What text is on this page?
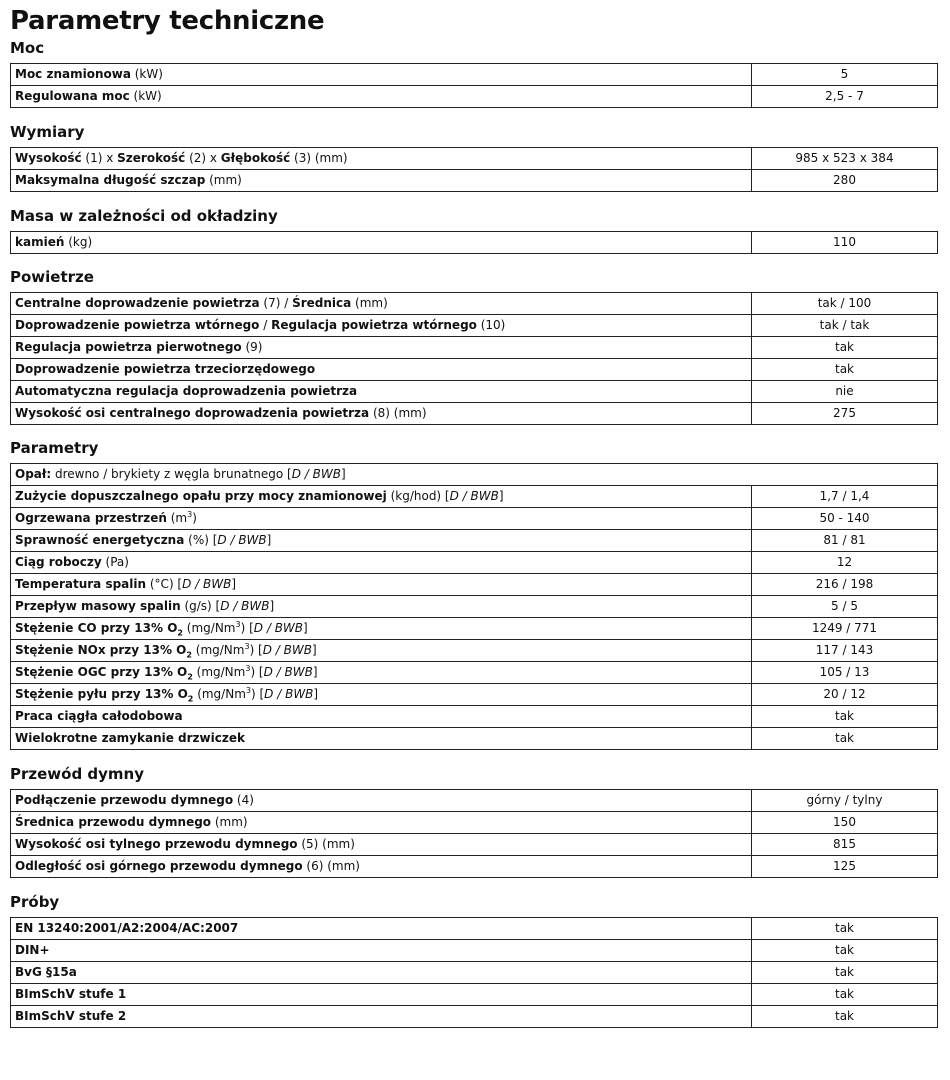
Parametry techniczne
Moc
Moc znamionowa (kW)	5
Regulowana moc (kW)	2,5 - 7
Wymiary
Wysokość (1) x Szerokość (2) x Głębokość (3) (mm)	985 x 523 x 384
Maksymalna długość szczap (mm)	280
Masa w zależności od okładziny
kamień (kg)	110
Powietrze
Centralne doprowadzenie powietrza (7) / Średnica (mm)	tak / 100
Doprowadzenie powietrza wtórnego / Regulacja powietrza wtórnego (10)	tak / tak
Regulacja powietrza pierwotnego (9)	tak
Doprowadzenie powietrza trzeciorzędowego	tak
Automatyczna regulacja doprowadzenia powietrza	nie
Wysokość osi centralnego doprowadzenia powietrza (8) (mm)	275
Parametry
Opał: drewno / brykiety z węgla brunatnego [D / BWB]	
Zużycie dopuszczalnego opału przy mocy znamionowej (kg/hod) [D / BWB]	1,7 / 1,4
Ogrzewana przestrzeń $(m^3)$	50 - 140
Sprawność energetyczna (%) [D / BWB]	81 / 81
Ciąg roboczy (Pa)	12
Temperatura spalin (°C) [D / BWB]	216 / 198
Przepływ masowy spalin (g/s) [D / BWB]	5 / 5
Stężenie CO przy 13% $O_2$ (mg/Nm$^3$) [D / BWB]	1249 / 771
Stężenie NOx przy 13% $O_2$ (mg/Nm$^3$) [D / BWB]	117 / 143
Stężenie OGC przy 13% $O_2$ (mg/Nm$^3$) [D / BWB]	105 / 13
Stężenie pyłu przy 13% $O_2$ (mg/Nm$^3$) [D / BWB]	20 / 12
Praca ciągła całodobowa	tak
Wielokrotne zamykanie drzwiczek	tak
Przewód dymny
Podłączenie przewodu dymnego (4)	górny / tylny
Średnica przewodu dymnego (mm)	150
Wysokość osi tylnego przewodu dymnego (5) (mm)	815
Odległość osi górnego przewodu dymnego (6) (mm)	125
Próby
EN 13240:2001/A2:2004/AC:2007	tak
DIN+	tak
BvG §15a	tak
BImSchV stufe 1	tak
BImSchV stufe 2	tak
